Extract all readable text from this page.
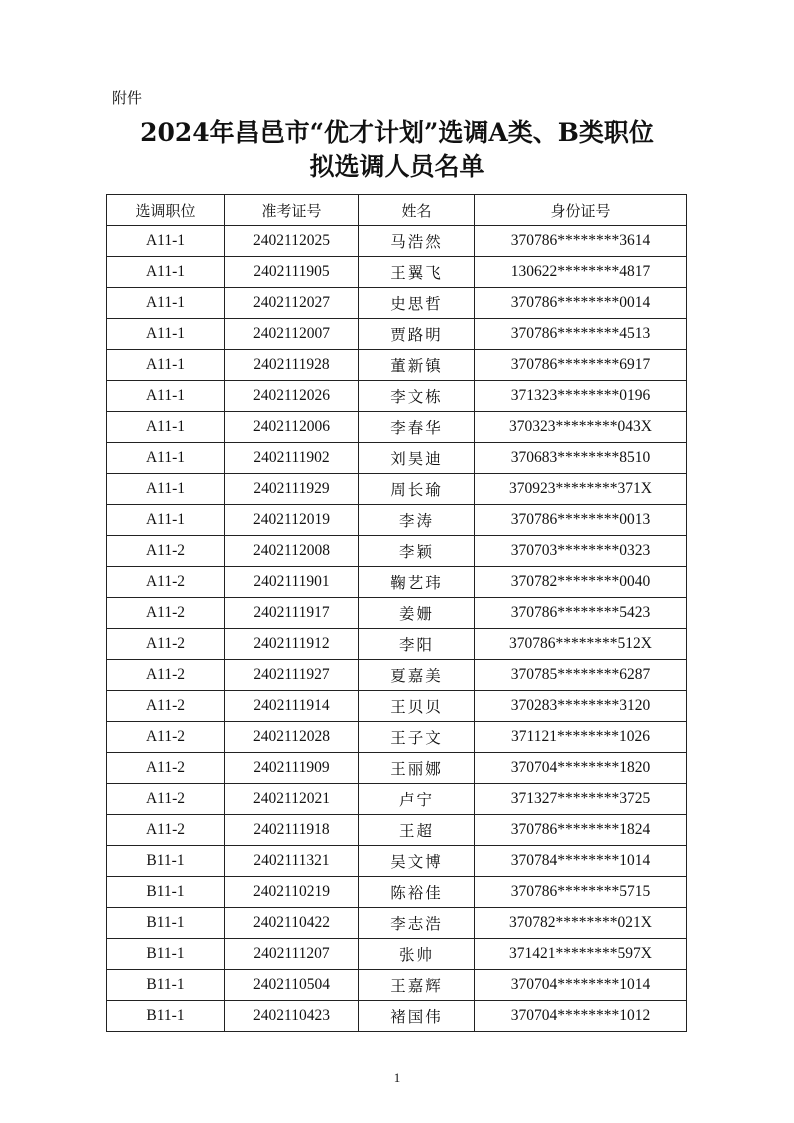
附件
2024年昌邑市“优才计划”选调A类、B类职位
拟选调人员名单
选调职位	准考证号	姓名	身份证号
A11-1	2402112025	马浩然	370786********3614
A11-1	2402111905	王翼飞	130622********4817
A11-1	2402112027	史思哲	370786********0014
A11-1	2402112007	贾路明	370786********4513
A11-1	2402111928	董新镇	370786********6917
A11-1	2402112026	李文栋	371323********0196
A11-1	2402112006	李春华	370323********043X
A11-1	2402111902	刘昊迪	370683********8510
A11-1	2402111929	周长瑜	370923********371X
A11-1	2402112019	李涛	370786********0013
A11-2	2402112008	李颖	370703********0323
A11-2	2402111901	鞠艺玮	370782********0040
A11-2	2402111917	姜姗	370786********5423
A11-2	2402111912	李阳	370786********512X
A11-2	2402111927	夏嘉美	370785********6287
A11-2	2402111914	王贝贝	370283********3120
A11-2	2402112028	王子文	371121********1026
A11-2	2402111909	王丽娜	370704********1820
A11-2	2402112021	卢宁	371327********3725
A11-2	2402111918	王超	370786********1824
B11-1	2402111321	吴文博	370784********1014
B11-1	2402110219	陈裕佳	370786********5715
B11-1	2402110422	李志浩	370782********021X
B11-1	2402111207	张帅	371421********597X
B11-1	2402110504	王嘉辉	370704********1014
B11-1	2402110423	褚国伟	370704********1012
1
